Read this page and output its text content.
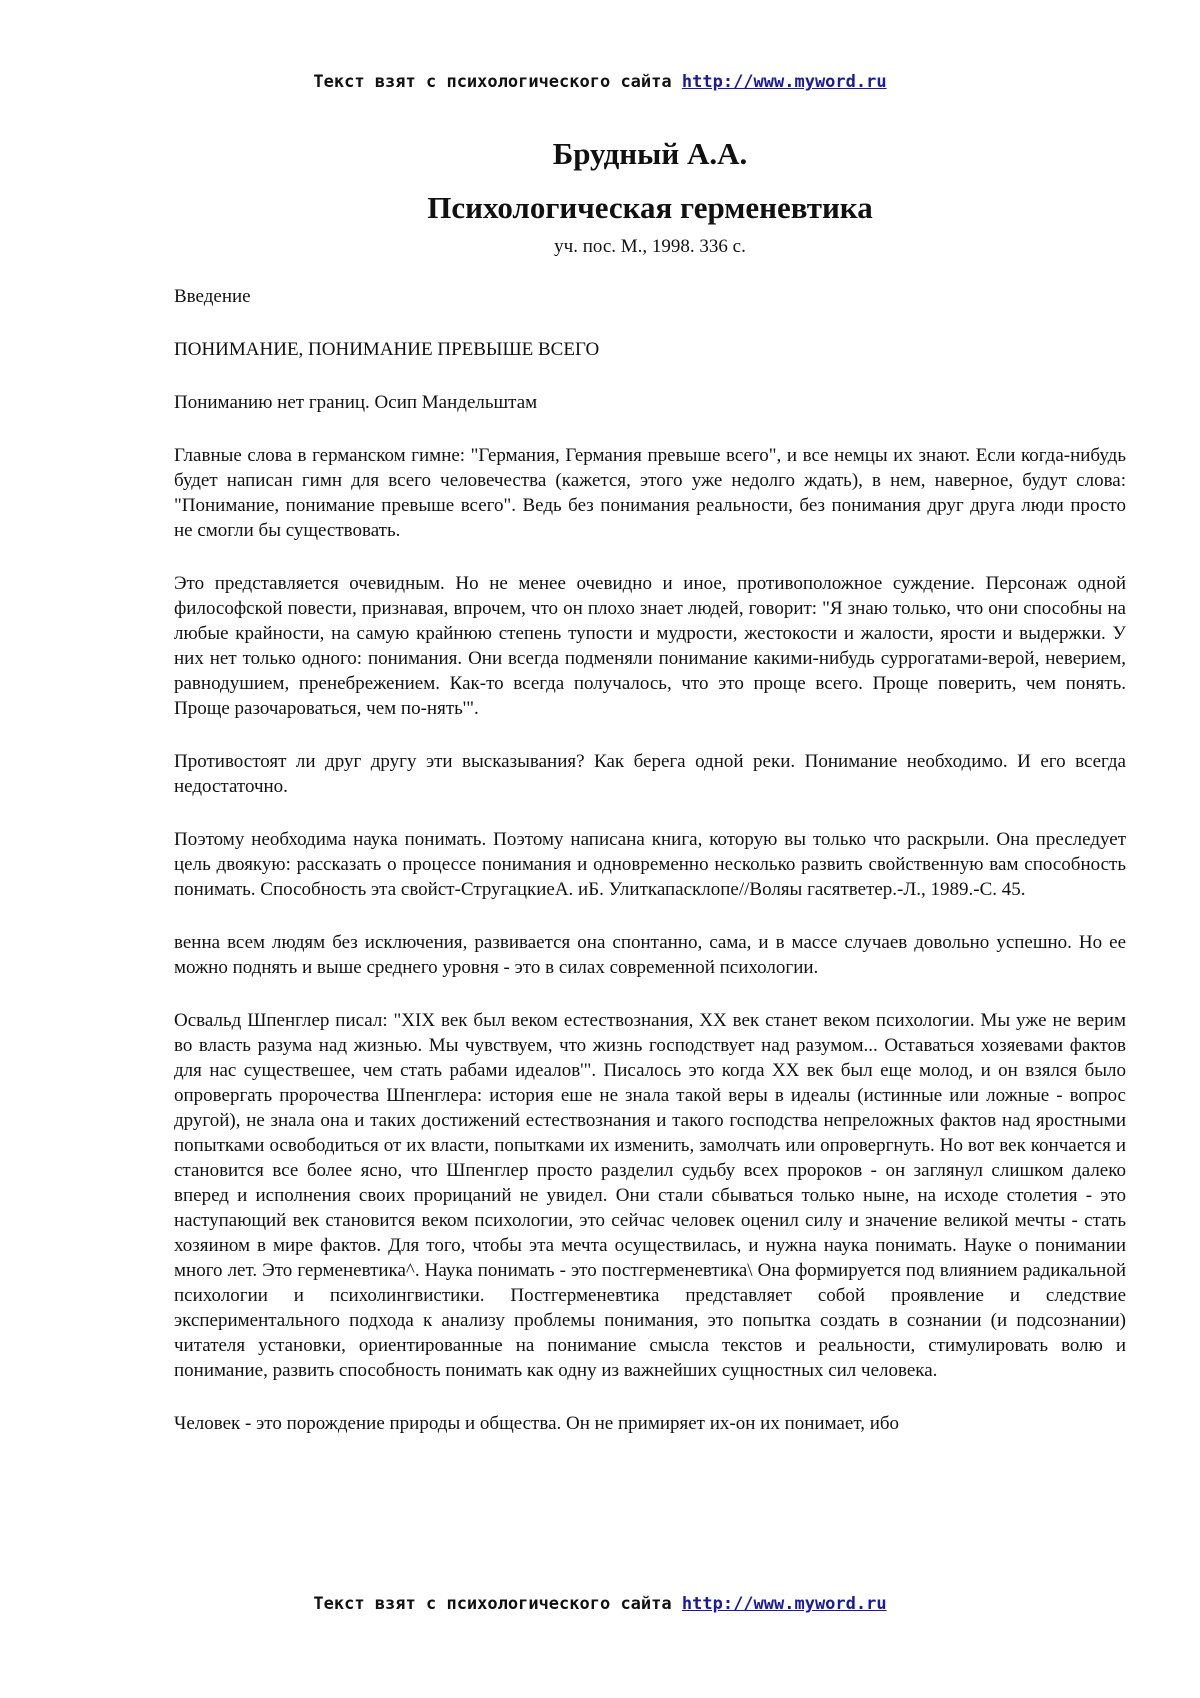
Текст взят с психологического сайта http://www.myword.ru
Брудный А.А.
Психологическая герменевтика
уч. пос. М., 1998. 336 с.

Введение

ПОНИМАНИЕ, ПОНИМАНИЕ ПРЕВЫШЕ ВСЕГО

Пониманию нет границ. Осип Мандельштам

Главные слова в германском гимне: "Германия, Германия превыше всего", и все немцы их знают. Если когда-нибудь будет написан гимн для всего человечества (кажется, этого уже недолго ждать), в нем, наверное, будут слова: "Понимание, понимание превыше всего". Ведь без понимания реальности, без понимания друг друга люди просто не смогли бы существовать.

Это представляется очевидным. Но не менее очевидно и иное, противоположное суждение. Персонаж одной философской повести, признавая, впрочем, что он плохо знает людей, говорит: "Я знаю только, что они способны на любые крайности, на самую крайнюю степень тупости и мудрости, жестокости и жалости, ярости и выдержки. У них нет только одного: понимания. Они всегда подменяли понимание какими-нибудь суррогатами-верой, неверием, равнодушием, пренебрежением. Как-то всегда получалось, что это проще всего. Проще поверить, чем понять. Проще разочароваться, чем по-нять'".

Противостоят ли друг другу эти высказывания? Как берега одной реки. Понимание необходимо. И его всегда недостаточно.

Поэтому необходима наука понимать. Поэтому написана книга, которую вы только что раскрыли. Она преследует цель двоякую: рассказать о процессе понимания и одновременно несколько развить свойственную вам способность понимать. Способность эта свойст-СтругацкиеА. иБ. Улиткапасклопе//Воляы гасятветер.-Л., 1989.-С. 45.

венна всем людям без исключения, развивается она спонтанно, сама, и в массе случаев довольно успешно. Но ее можно поднять и выше среднего уровня - это в силах современной психологии.

Освальд Шпенглер писал: "XIX век был веком естествознания, XX век станет веком психологии. Мы уже не верим во власть разума над жизнью. Мы чувствуем, что жизнь господствует над разумом... Оставаться хозяевами фактов для нас существешее, чем стать рабами идеалов'". Писалось это когда XX век был еще молод, и он взялся было опровергать пророчества Шпенглера: история еше не знала такой веры в идеалы (истинные или ложные - вопрос другой), не знала она и таких достижений естествознания и такого господства непреложных фактов над яростными попытками освободиться от их власти, попытками их изменить, замолчать или опровергнуть. Но вот век кончается и становится все более ясно, что Шпенглер просто разделил судьбу всех пророков - он заглянул слишком далеко вперед и исполнения своих прорицаний не увидел. Они стали сбываться только ныне, на исходе столетия - это наступающий век становится веком психологии, это сейчас человек оценил силу и значение великой мечты - стать хозяином в мире фактов. Для того, чтобы эта мечта осуществилась, и нужна наука понимать. Науке о понимании много лет. Это герменевтика^. Наука понимать - это постгерменевтика\ Она формируется под влиянием радикальной психологии и психолингвистики. Постгерменевтика представляет собой проявление и следствие экспериментального подхода к анализу проблемы понимания, это попытка создать в сознании (и подсознании) читателя установки, ориентированные на понимание смысла текстов и реальности, стимулировать волю и понимание, развить способность понимать как одну из важнейших сущностных сил человека.

Человек - это порождение природы и общества. Он не примиряет их-он их понимает, ибо

Текст взят с психологического сайта http://www.myword.ru
